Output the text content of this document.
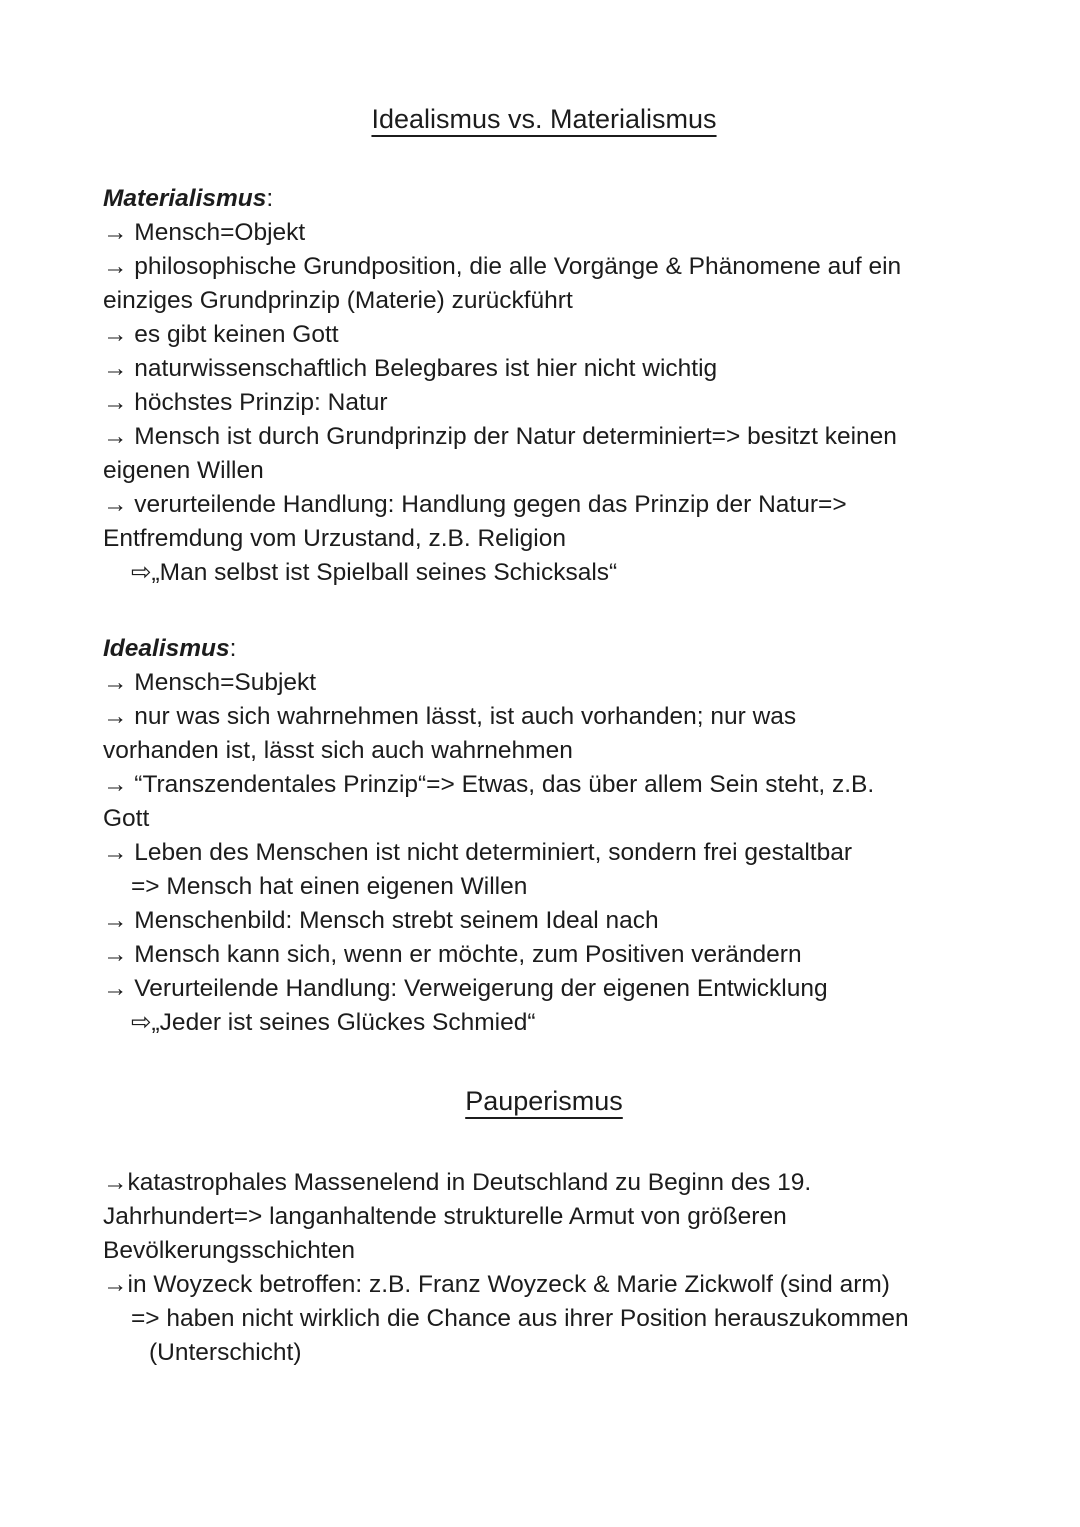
Idealismus vs. Materialismus
Materialismus:
→ Mensch=Objekt
→ philosophische Grundposition, die alle Vorgänge & Phänomene auf ein
einziges Grundprinzip (Materie) zurückführt
→ es gibt keinen Gott
→ naturwissenschaftlich Belegbares ist hier nicht wichtig
→ höchstes Prinzip: Natur
→ Mensch ist durch Grundprinzip der Natur determiniert=> besitzt keinen
eigenen Willen
→ verurteilende Handlung: Handlung gegen das Prinzip der Natur=>
Entfremdung vom Urzustand, z.B. Religion
⇨„Man selbst ist Spielball seines Schicksals“
Idealismus:
→ Mensch=Subjekt
→ nur was sich wahrnehmen lässt, ist auch vorhanden; nur was
vorhanden ist, lässt sich auch wahrnehmen
→ “Transzendentales Prinzip“=> Etwas, das über allem Sein steht, z.B.
Gott
→ Leben des Menschen ist nicht determiniert, sondern frei gestaltbar
=> Mensch hat einen eigenen Willen
→ Menschenbild: Mensch strebt seinem Ideal nach
→ Mensch kann sich, wenn er möchte, zum Positiven verändern
→ Verurteilende Handlung: Verweigerung der eigenen Entwicklung
⇨„Jeder ist seines Glückes Schmied“
Pauperismus
→katastrophales Massenelend in Deutschland zu Beginn des 19.
Jahrhundert=> langanhaltende strukturelle Armut von größeren
Bevölkerungsschichten
→in Woyzeck betroffen: z.B. Franz Woyzeck & Marie Zickwolf (sind arm)
=> haben nicht wirklich die Chance aus ihrer Position herauszukommen
(Unterschicht)
